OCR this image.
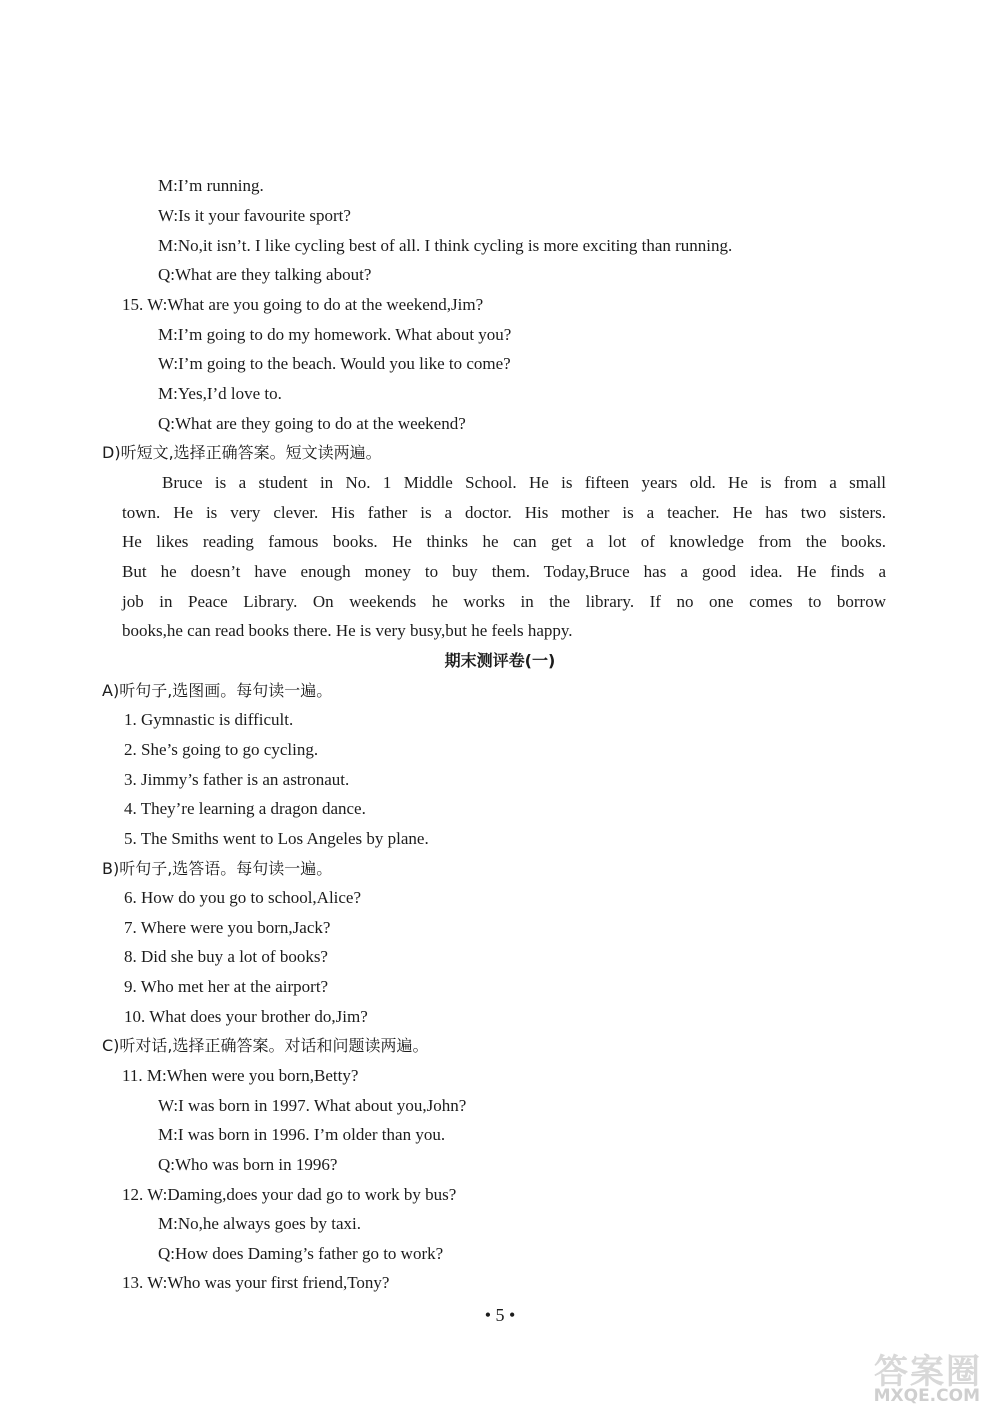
M:I’m running.
W:Is it your favourite sport?
M:No,it isn’t. I like cycling best of all. I think cycling is more exciting than running.
Q:What are they talking about?
15. W:What are you going to do at the weekend,Jim?
M:I’m going to do my homework. What about you?
W:I’m going to the beach. Would you like to come?
M:Yes,I’d love to.
Q:What are they going to do at the weekend?
D)听短文,选择正确答案。短文读两遍。
Bruce is a student in No. 1 Middle School. He is fifteen years old. He is from a small
town. He is very clever. His father is a doctor. His mother is a teacher. He has two sisters.
He likes reading famous books. He thinks he can get a lot of knowledge from the books.
But he doesn’t have enough money to buy them. Today,Bruce has a good idea. He finds a
job in Peace Library. On weekends he works in the library. If no one comes to borrow
books,he can read books there. He is very busy,but he feels happy.
期末测评卷(一)
A)听句子,选图画。每句读一遍。
1. Gymnastic is difficult.
2. She’s going to go cycling.
3. Jimmy’s father is an astronaut.
4. They’re learning a dragon dance.
5. The Smiths went to Los Angeles by plane.
B)听句子,选答语。每句读一遍。
6. How do you go to school,Alice?
7. Where were you born,Jack?
8. Did she buy a lot of books?
9. Who met her at the airport?
10. What does your brother do,Jim?
C)听对话,选择正确答案。对话和问题读两遍。
11. M:When were you born,Betty?
W:I was born in 1997. What about you,John?
M:I was born in 1996. I’m older than you.
Q:Who was born in 1996?
12. W:Daming,does your dad go to work by bus?
M:No,he always goes by taxi.
Q:How does Daming’s father go to work?
13. W:Who was your first friend,Tony?
• 5 •
答案圈
MXQE.COM
